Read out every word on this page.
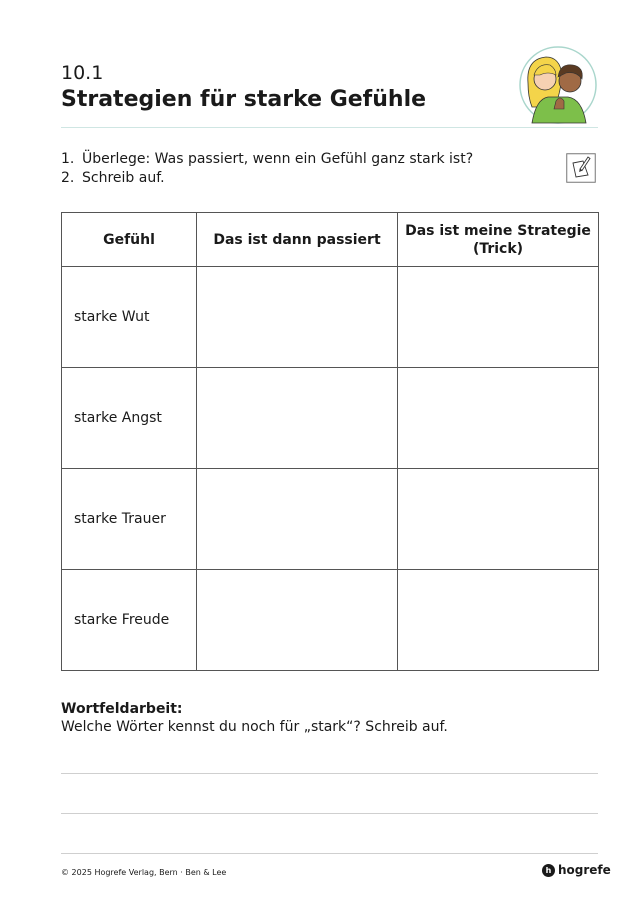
10.1
Strategien für starke Gefühle
1. Überlege: Was passiert, wenn ein Gefühl ganz stark ist?
2. Schreib auf.
Gefühl	Das ist dann passiert	Das ist meine Strategie (Trick)
starke Wut		
starke Angst		
starke Trauer		
starke Freude		
Wortfeldarbeit:
Welche Wörter kennst du noch für „stark“? Schreib auf.
© 2025 Hogrefe Verlag, Bern · Ben & Lee	h hogrefe
